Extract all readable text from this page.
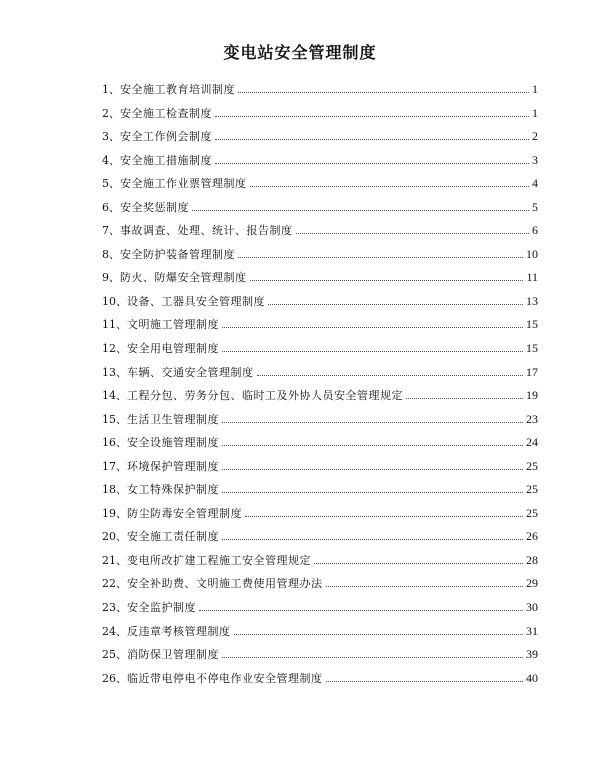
变电站安全管理制度
1、 安全施工教育培训制度	1
2、 安全施工检查制度	1
3、 安全工作例会制度	2
4、 安全施工措施制度	3
5、 安全施工作业票管理制度	4
6、 安全奖惩制度	5
7、 事故调查、处理、统计、报告制度	6
8、 安全防护装备管理制度	10
9、 防火、防爆安全管理制度	11
10、 设备、工器具安全管理制度	13
11、 文明施工管理制度	15
12、 安全用电管理制度	15
13、 车辆、交通安全管理制度	17
14、 工程分包、劳务分包、临时工及外协人员安全管理规定	19
15、 生活卫生管理制度	23
16、 安全设施管理制度	24
17、 环境保护管理制度	25
18、 女工特殊保护制度	25
19、 防尘防毒安全管理制度	25
20、 安全施工责任制度	26
21、 变电所改扩建工程施工安全管理规定	28
22、 安全补助费、文明施工费使用管理办法	29
23、 安全监护制度	30
24、 反违章考核管理制度	31
25、 消防保卫管理制度	39
26、 临近带电停电不停电作业安全管理制度	40
